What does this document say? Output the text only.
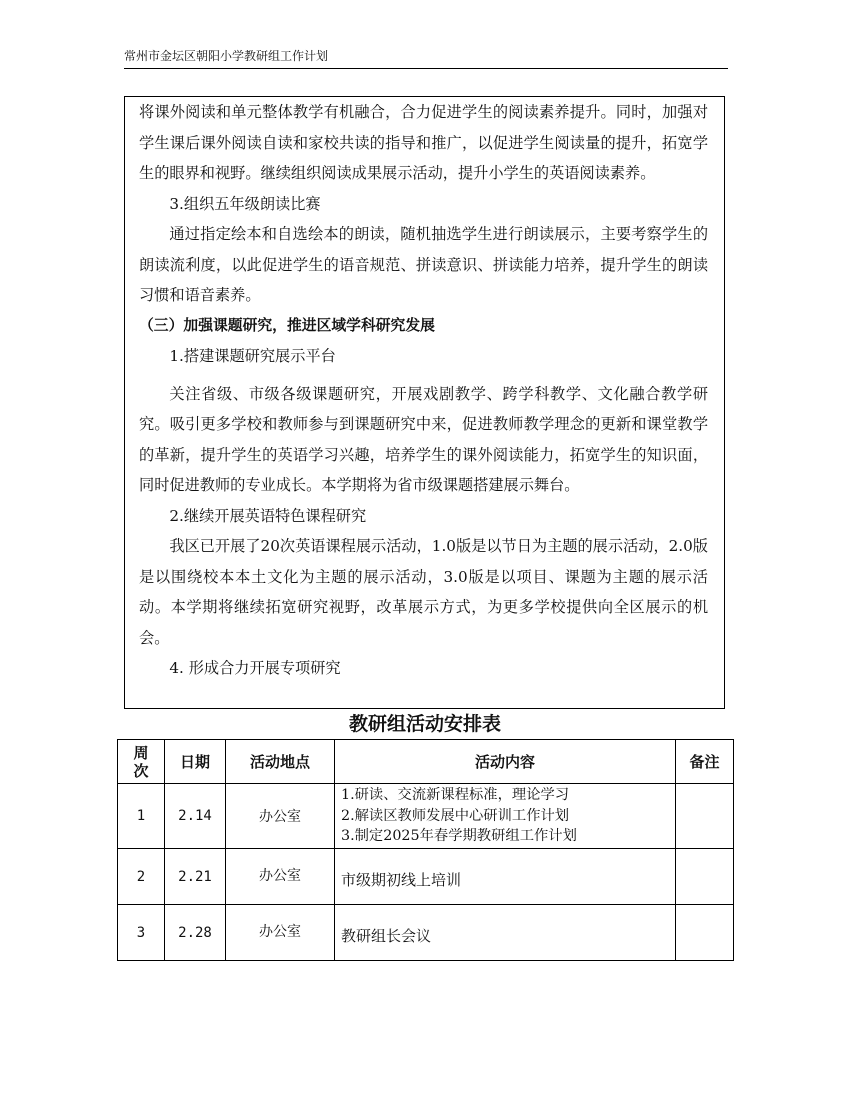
常州市金坛区朝阳小学教研组工作计划

将课外阅读和单元整体教学有机融合，合力促进学生的阅读素养提升。同时，加强对学生课后课外阅读自读和家校共读的指导和推广，以促进学生阅读量的提升，拓宽学生的眼界和视野。继续组织阅读成果展示活动，提升小学生的英语阅读素养。

3.组织五年级朗读比赛

通过指定绘本和自选绘本的朗读，随机抽选学生进行朗读展示，主要考察学生的朗读流利度，以此促进学生的语音规范、拼读意识、拼读能力培养，提升学生的朗读习惯和语音素养。

（三）加强课题研究，推进区域学科研究发展

1.搭建课题研究展示平台

关注省级、市级各级课题研究，开展戏剧教学、跨学科教学、文化融合教学研究。吸引更多学校和教师参与到课题研究中来，促进教师教学理念的更新和课堂教学的革新，提升学生的英语学习兴趣，培养学生的课外阅读能力，拓宽学生的知识面，同时促进教师的专业成长。本学期将为省市级课题搭建展示舞台。

2.继续开展英语特色课程研究

我区已开展了20次英语课程展示活动，1.0版是以节日为主题的展示活动，2.0版是以围绕校本本土文化为主题的展示活动，3.0版是以项目、课题为主题的展示活动。本学期将继续拓宽研究视野，改革展示方式，为更多学校提供向全区展示的机会。

4. 形成合力开展专项研究

教研组活动安排表
周次	日期	活动地点	活动内容	备注
1	2.14	办公室	1.研读、交流新课程标准，理论学习
2.解读区教师发展中心研训工作计划
3.制定2025年春学期教研组工作计划	

2	2.21	办公室	市级期初线上培训	
3	2.28	办公室	教研组长会议	
